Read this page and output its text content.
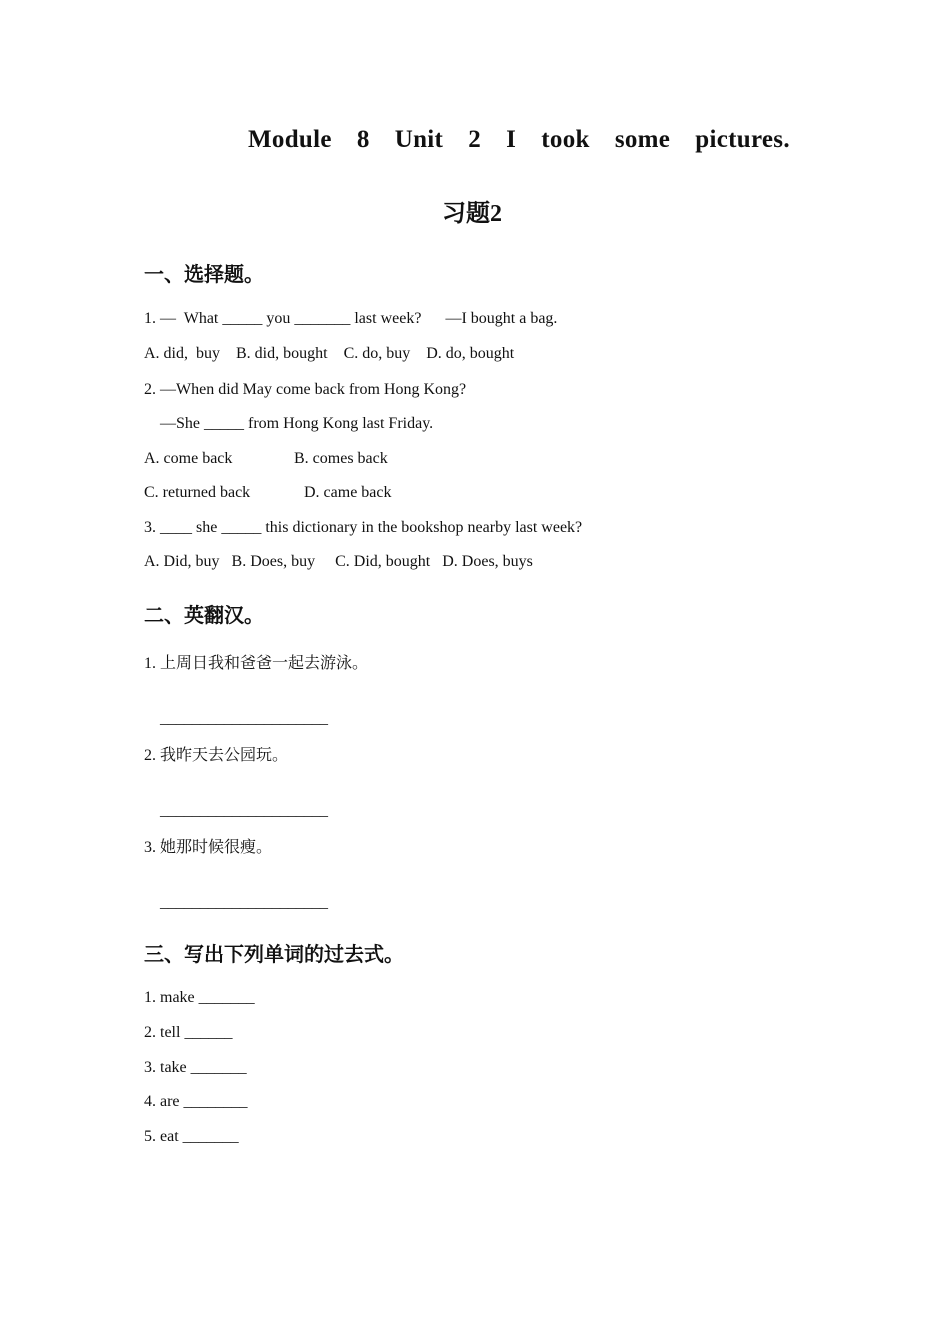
Module  8  Unit  2  I  took  some  pictures.
习题2
一、选择题。
1. —  What _____ you _______ last week?      —I bought a bag.
A. did,  buy    B. did, bought    C. do, buy    D. do, bought
2. —When did May come back from Hong Kong?
—She _____ from Hong Kong last Friday.
A. come back	B. comes back
C. returned back	D. came back
3. ____ she _____ this dictionary in the bookshop nearby last week?
A. Did, buy   B. Does, buy     C. Did, bought   D. Does, buys
二、英翻汉。
1. 上周日我和爸爸一起去游泳。
_____________________
2. 我昨天去公园玩。
_____________________
3. 她那时候很瘦。
_____________________
三、写出下列单词的过去式。
1. make _______
2. tell ______
3. take _______
4. are ________
5. eat _______
